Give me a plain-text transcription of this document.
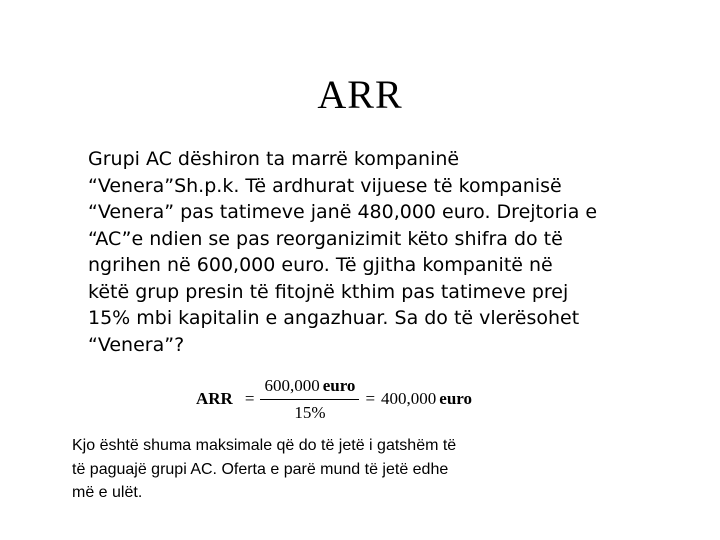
ARR
Grupi AC dëshiron ta marrë kompaninë
“Venera”Sh.p.k. Të ardhurat vijuese të kompanisë
“Venera” pas tatimeve janë 480,000 euro. Drejtoria e
“AC”e ndien se pas reorganizimit këto shifra do të
ngrihen në 600,000 euro. Të gjitha kompanitë në
këtë grup presin të fitojnë kthim pas tatimeve prej
15% mbi kapitalin e angazhuar. Sa do të vlerësohet
“Venera”?
ARR = $\frac{\text{600,000 euro}}{15\%} = 400,000$ euro
Kjo është shuma maksimale që do të jetë i gatshëm të
të paguajë grupi AC. Oferta e parë mund të jetë edhe
më e ulët.
